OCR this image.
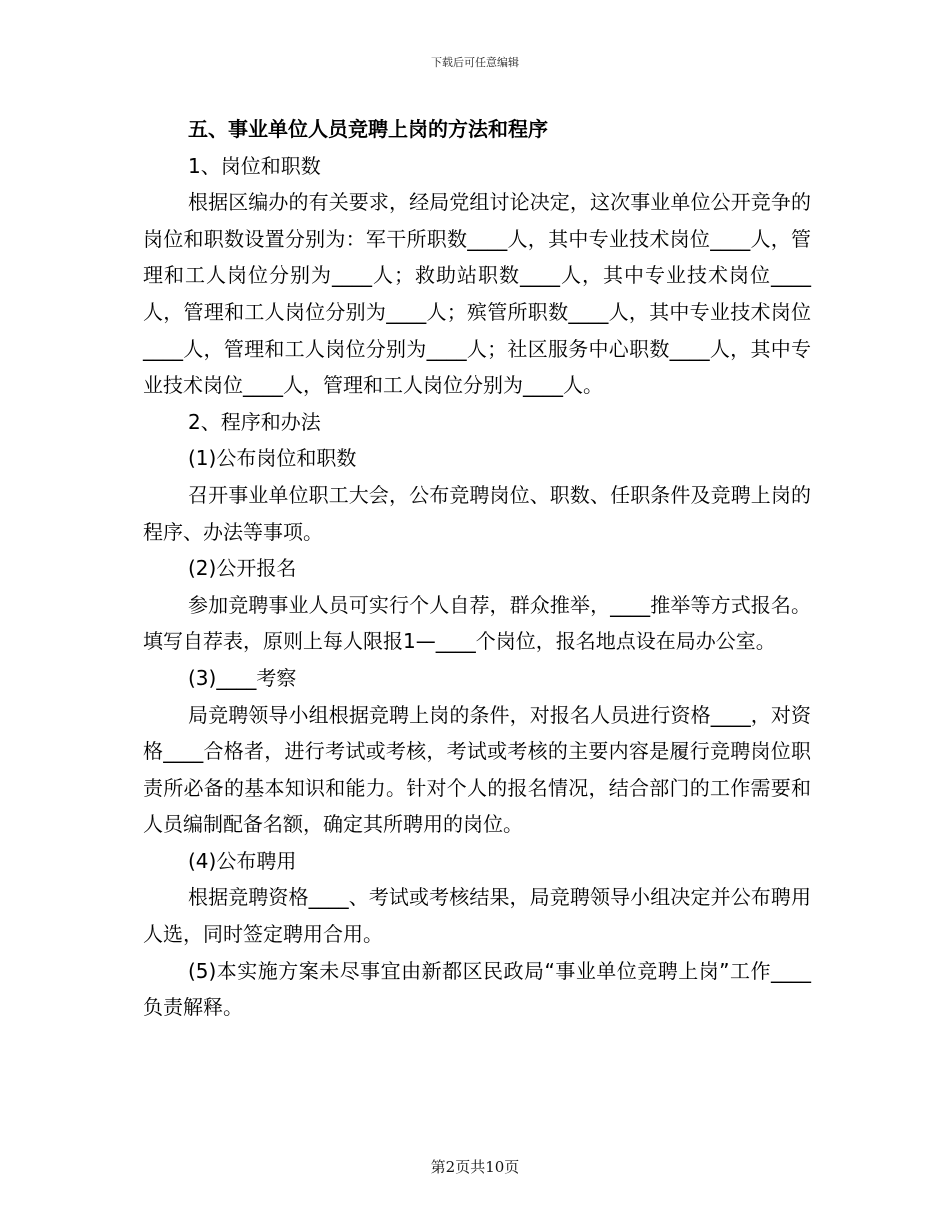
下载后可任意编辑

五、事业单位人员竞聘上岗的方法和程序

1、岗位和职数

根据区编办的有关要求，经局党组讨论决定，这次事业单位公开竞争的岗位和职数设置分别为：军干所职数____人，其中专业技术岗位____人，管理和工人岗位分别为____人；救助站职数____人，其中专业技术岗位____人，管理和工人岗位分别为____人；殡管所职数____人，其中专业技术岗位____人，管理和工人岗位分别为____人；社区服务中心职数____人，其中专业技术岗位____人，管理和工人岗位分别为____人。

2、程序和办法

(1)公布岗位和职数

召开事业单位职工大会，公布竞聘岗位、职数、任职条件及竞聘上岗的程序、办法等事项。

(2)公开报名

参加竞聘事业人员可实行个人自荐，群众推举，____推举等方式报名。填写自荐表，原则上每人限报1—____个岗位，报名地点设在局办公室。

(3)____考察

局竞聘领导小组根据竞聘上岗的条件，对报名人员进行资格____，对资格____合格者，进行考试或考核，考试或考核的主要内容是履行竞聘岗位职责所必备的基本知识和能力。针对个人的报名情况，结合部门的工作需要和人员编制配备名额，确定其所聘用的岗位。

(4)公布聘用

根据竞聘资格____、考试或考核结果，局竞聘领导小组决定并公布聘用人选，同时签定聘用合用。

(5)本实施方案未尽事宜由新都区民政局“事业单位竞聘上岗”工作____负责解释。

第2页共10页
